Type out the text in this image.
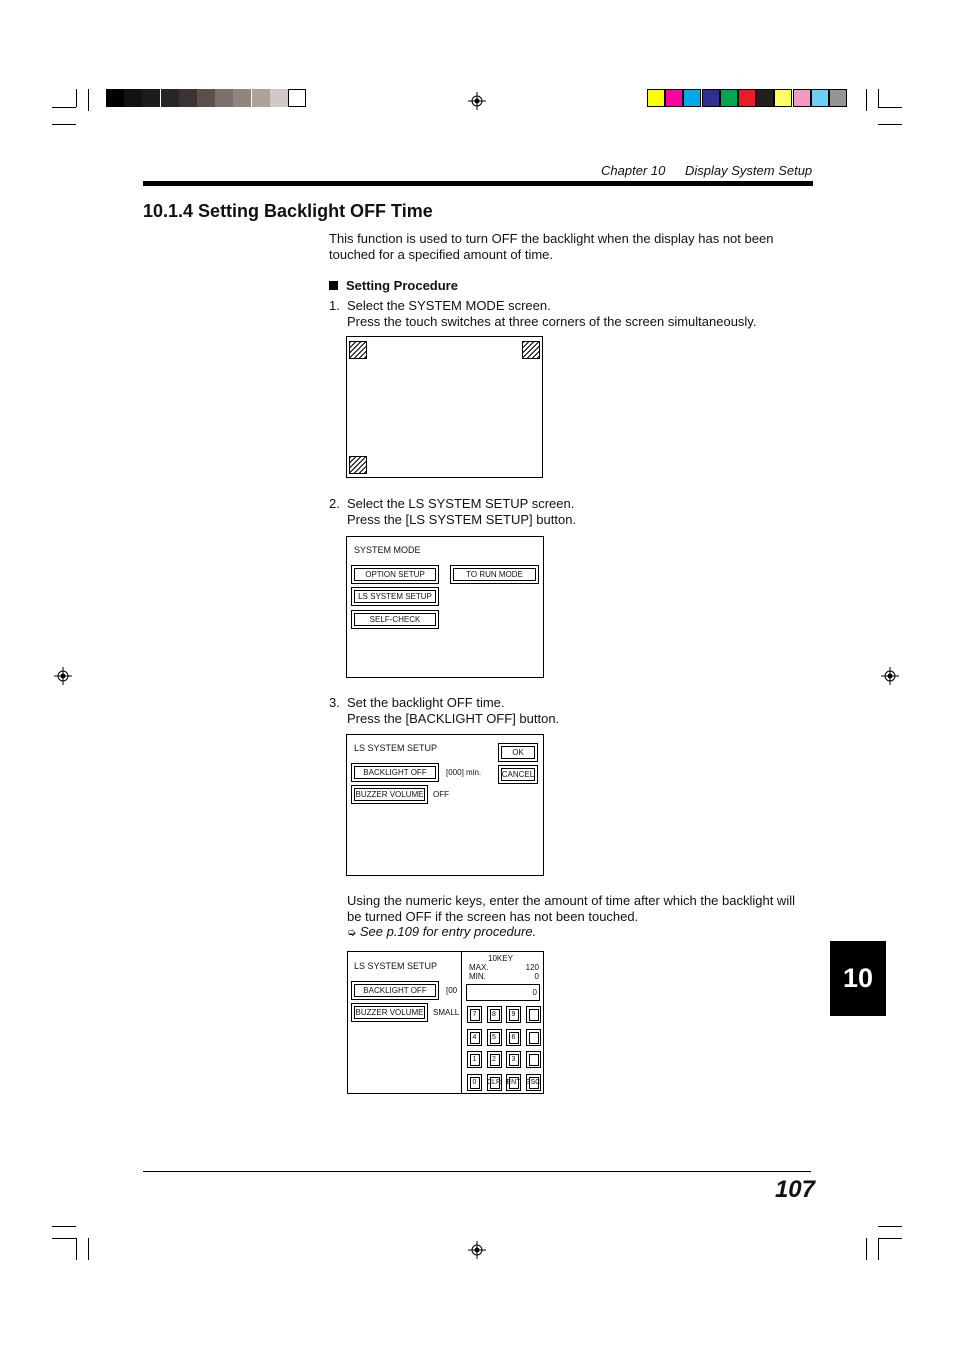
Chapter 10 Display System Setup
10.1.4 Setting Backlight OFF Time
This function is used to turn OFF the backlight when the display has not been touched for a specified amount of time.
Setting Procedure
1. Select the SYSTEM MODE screen.
Press the touch switches at three corners of the screen simultaneously.
2. Select the LS SYSTEM SETUP screen.
Press the [LS SYSTEM SETUP] button.
SYSTEM MODE
OPTION SETUP	TO RUN MODE
LS SYSTEM SETUP
SELF-CHECK
3. Set the backlight OFF time.
Press the [BACKLIGHT OFF] button.
LS SYSTEM SETUP
BACKLIGHT OFF	[000] min.
BUZZER VOLUME	OFF
OK
CANCEL
Using the numeric keys, enter the amount of time after which the backlight will be turned OFF if the screen has not been touched.
➭ See p.109 for entry procedure.
LS SYSTEM SETUP
BACKLIGHT OFF	[00
BUZZER VOLUME	SMALL
10KEY
MAX.	120
MIN.	0
0
7 8 9
4 5 6
1 2 3
0 CLR ENT ESC
10
107
